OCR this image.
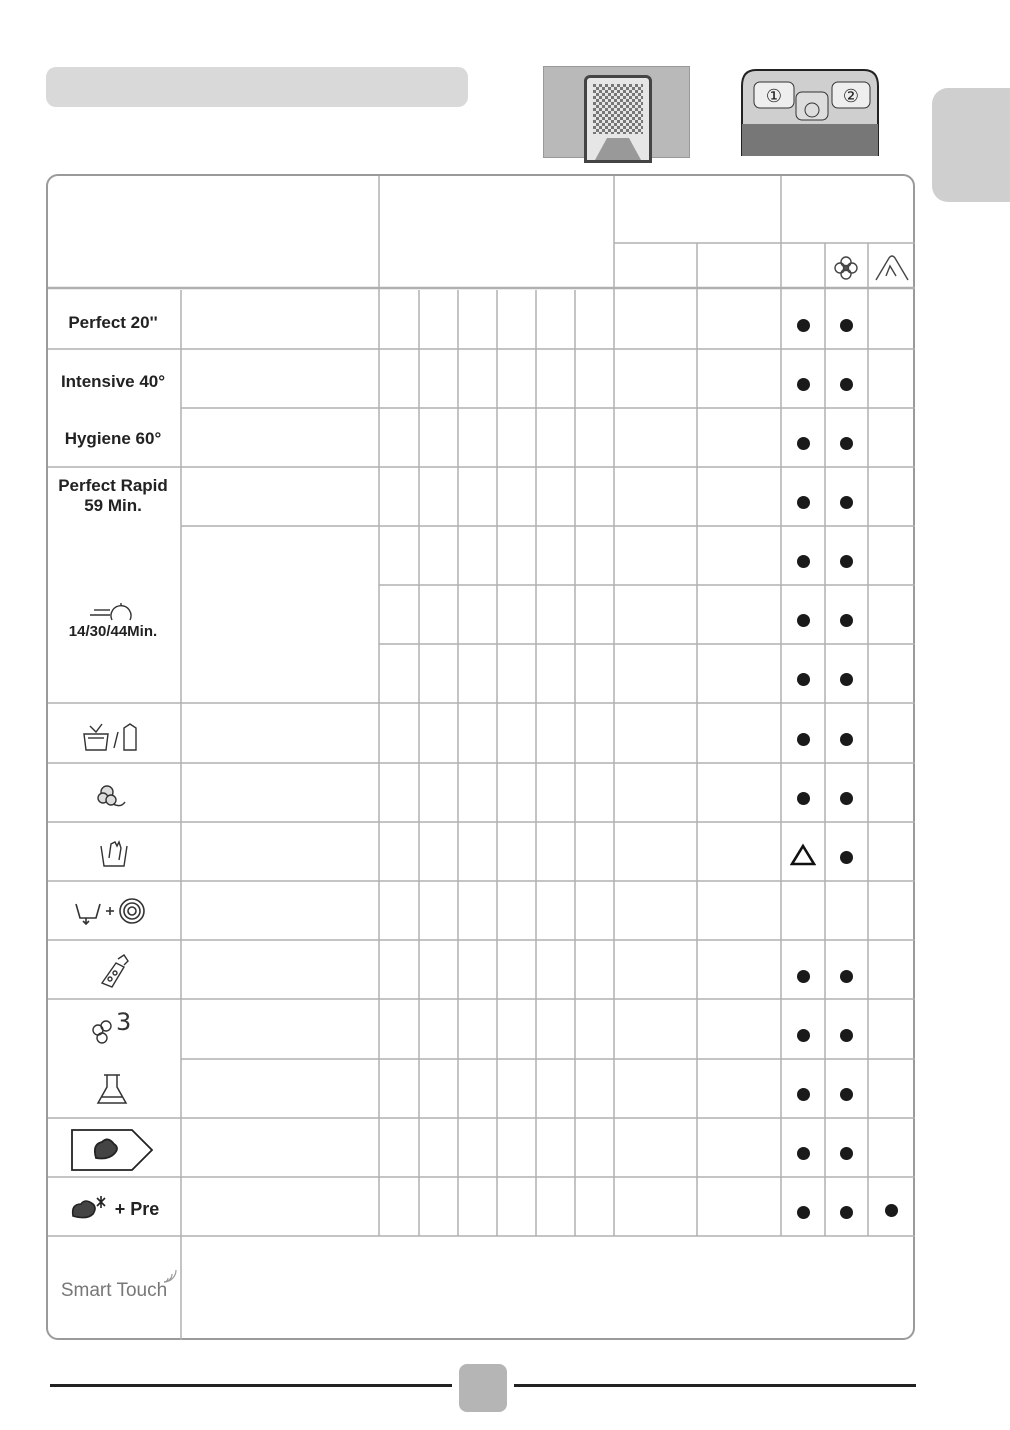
①	②
Perfect 20''
Intensive 40°
Hygiene 60°
Perfect Rapid
59 Min.
14/30/44Min.
3
+ Pre
Smart Touch
